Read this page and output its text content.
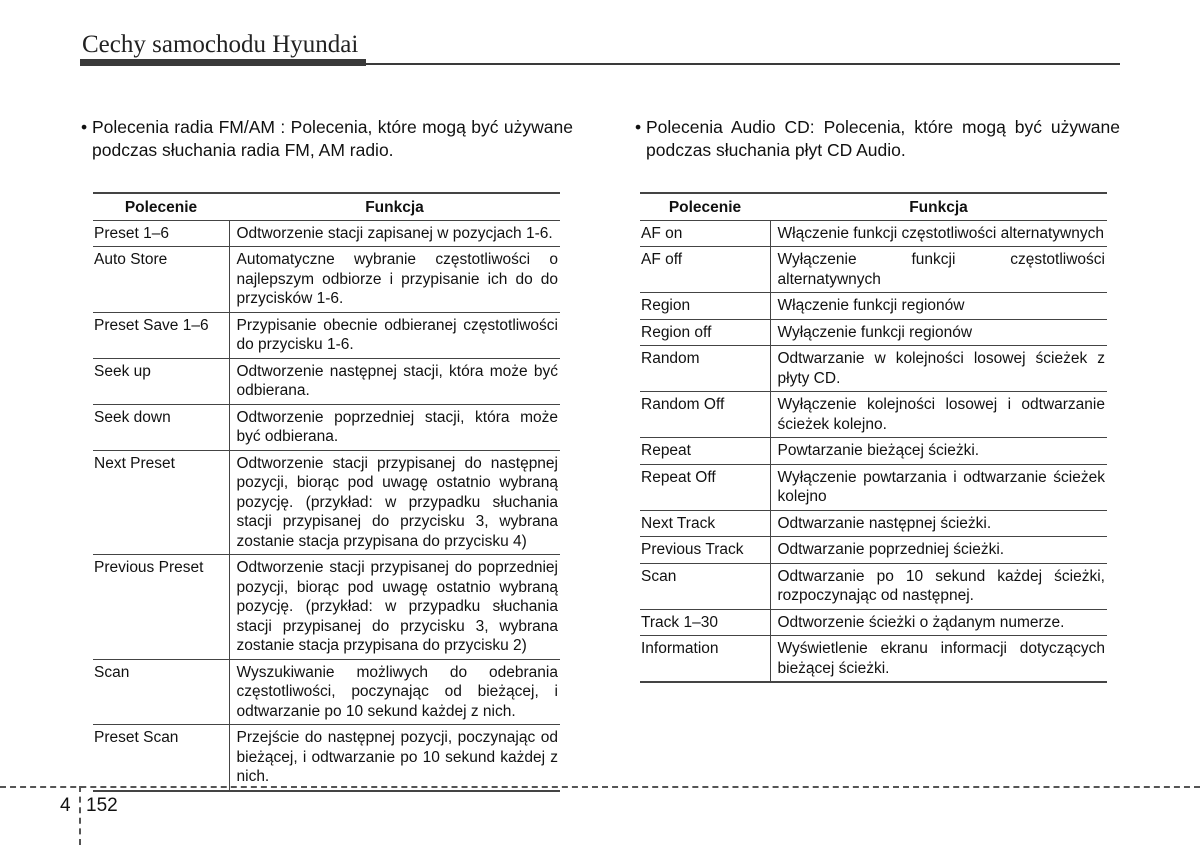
Cechy samochodu Hyundai
• Polecenia radia FM/AM : Polecenia, które mogą być używane podczas słuchania radia FM, AM radio.
Polecenie	Funkcja
Preset 1–6	Odtworzenie stacji zapisanej w pozycjach 1-6.
Auto Store	Automatyczne wybranie częstotliwości o najlepszym odbiorze i przypisanie ich do do przycisków 1-6.
Preset Save 1–6	Przypisanie obecnie odbieranej częstotliwości do przycisku 1-6.
Seek up	Odtworzenie następnej stacji, która może być odbierana.
Seek down	Odtworzenie poprzedniej stacji, która może być odbierana.
Next Preset	Odtworzenie stacji przypisanej do następnej pozycji, biorąc pod uwagę ostatnio wybraną pozycję. (przykład: w przypadku słuchania stacji przypisanej do przycisku 3, wybrana zostanie stacja przypisana do przycisku 4)
Previous Preset	Odtworzenie stacji przypisanej do poprzedniej pozycji, biorąc pod uwagę ostatnio wybraną pozycję. (przykład: w przypadku słuchania stacji przypisanej do przycisku 3, wybrana zostanie stacja przypisana do przycisku 2)
Scan	Wyszukiwanie możliwych do odebrania częstotliwości, poczynając od bieżącej, i odtwarzanie po 10 sekund każdej z nich.
Preset Scan	Przejście do następnej pozycji, poczynając od bieżącej, i odtwarzanie po 10 sekund każdej z nich.
• Polecenia Audio CD: Polecenia, które mogą być używane podczas słuchania płyt CD Audio.
Polecenie	Funkcja
AF on	Włączenie funkcji częstotliwości alternatywnych
AF off	Wyłączenie funkcji częstotliwości alternatywnych
Region	Włączenie funkcji regionów
Region off	Wyłączenie funkcji regionów
Random	Odtwarzanie w kolejności losowej ścieżek z płyty CD.
Random Off	Wyłączenie kolejności losowej i odtwarzanie ścieżek kolejno.
Repeat	Powtarzanie bieżącej ścieżki.
Repeat Off	Wyłączenie powtarzania i odtwarzanie ścieżek kolejno
Next Track	Odtwarzanie następnej ścieżki.
Previous Track	Odtwarzanie poprzedniej ścieżki.
Scan	Odtwarzanie po 10 sekund każdej ścieżki, rozpoczynając od następnej.
Track 1–30	Odtworzenie ścieżki o żądanym numerze.
Information	Wyświetlenie ekranu informacji dotyczących bieżącej ścieżki.
4 152
